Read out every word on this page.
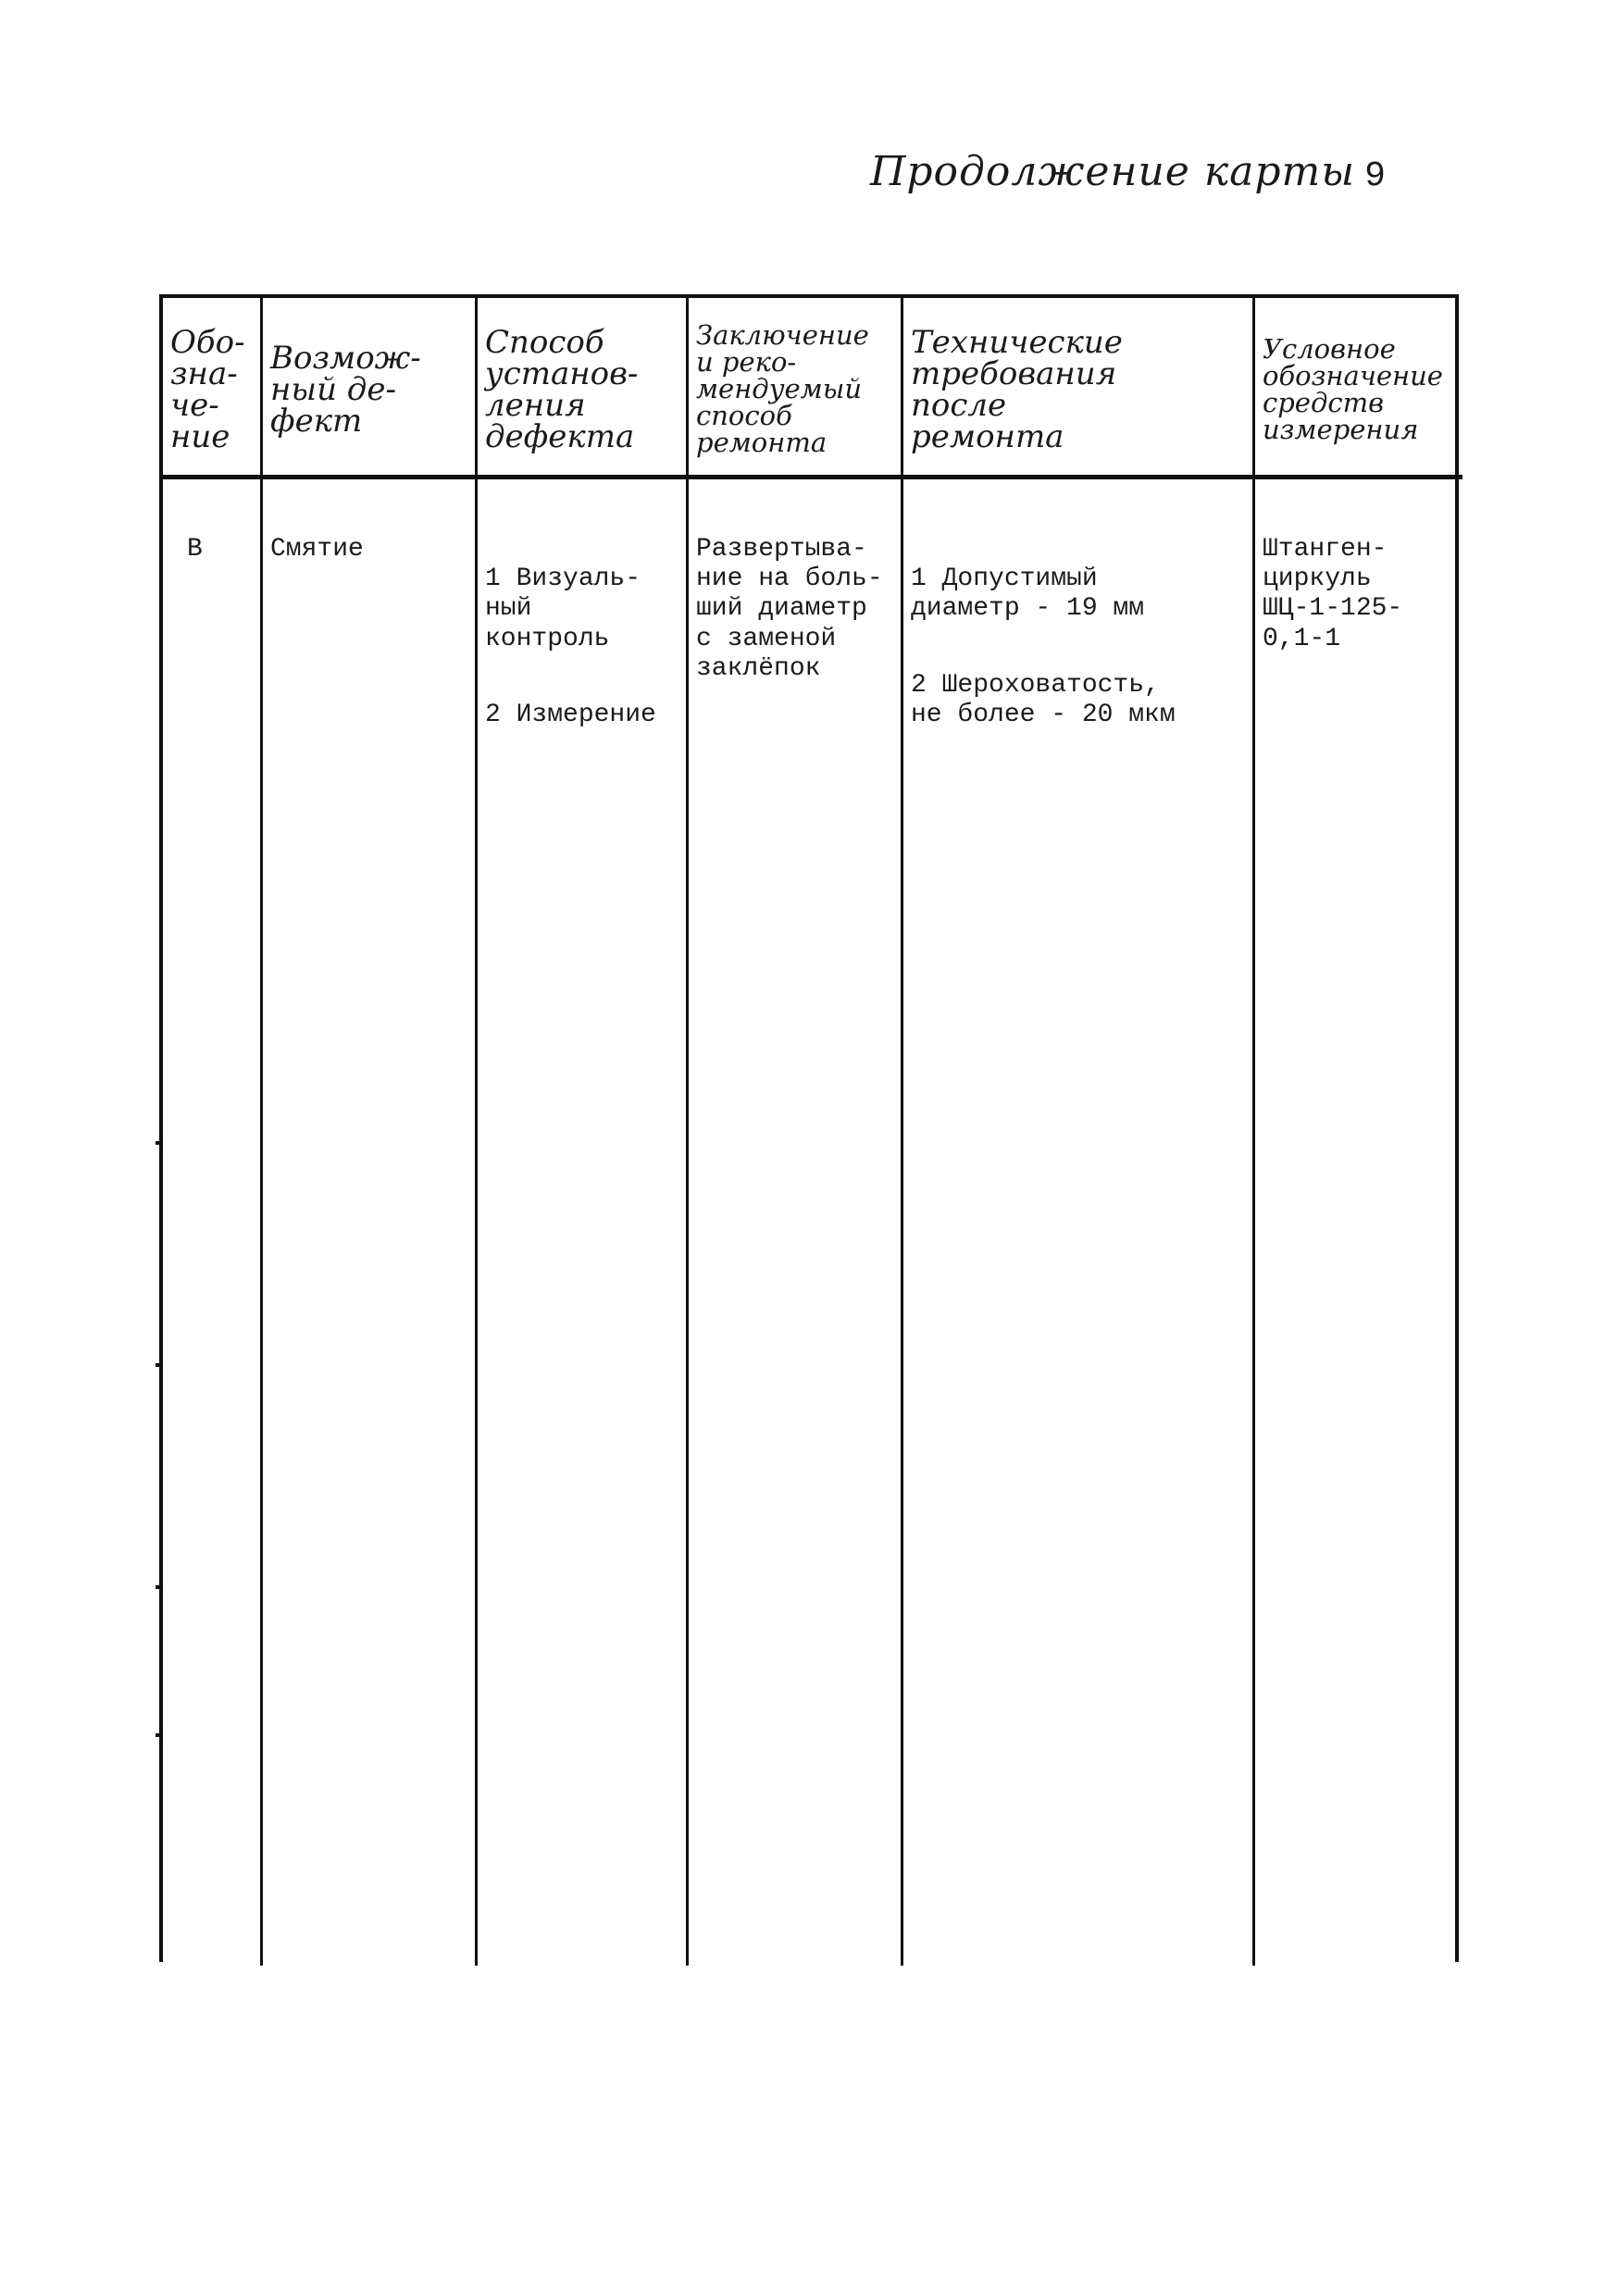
Продолжение карты 9
Обо-
зна-
че-
ние
Возмож-
ный де-
фект
Способ
установ-
ления
дефекта
Заключение
и реко-
мендуемый
способ
ремонта
Технические
требования
после
ремонта
Условное
обозначение
средств
измерения
В	Смятие

1 Визуаль-
ный
контроль

2 Измерение

Развертыва-
ние на боль-
ший диаметр
с заменой
заклёпок

1 Допустимый
диаметр - 19 мм

2 Шероховатость,
не более - 20 мкм

Штанген-
циркуль
ШЦ-1-125-
0,1-1
